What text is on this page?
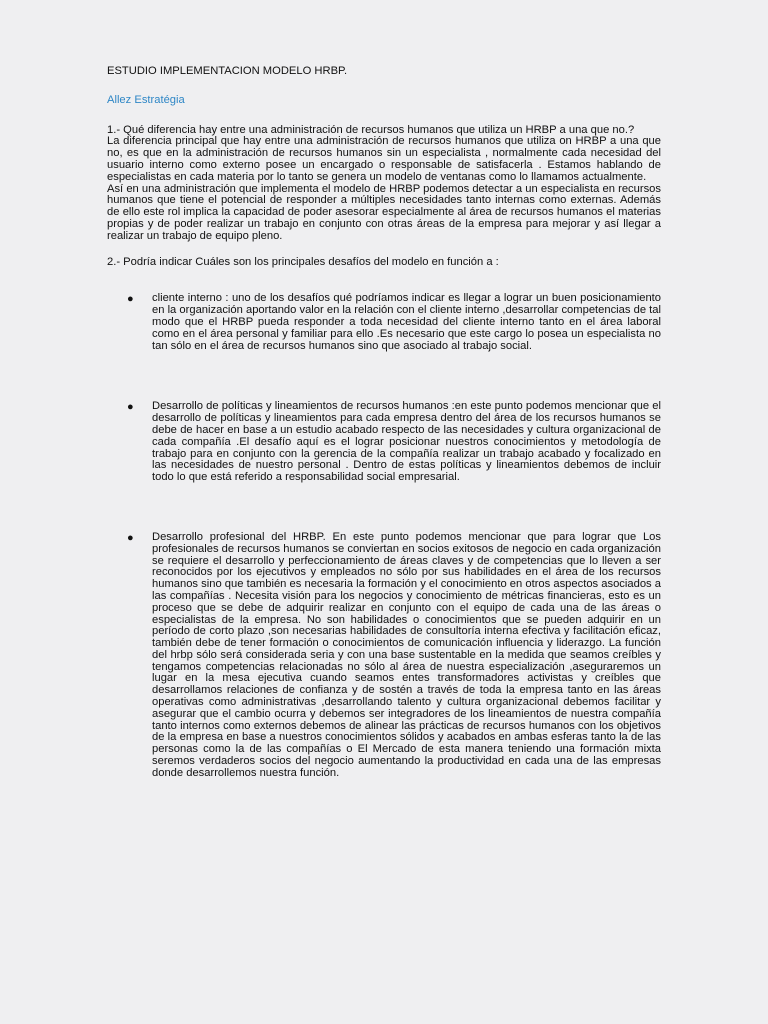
ESTUDIO IMPLEMENTACION MODELO HRBP.

Allez Estratégia

1.- Qué diferencia hay entre una administración de recursos humanos que utiliza un HRBP a una que no.?

La diferencia principal que hay entre una administración de recursos humanos que utiliza on HRBP a una que no, es que en la administración de recursos humanos sin un especialista , normalmente cada necesidad del usuario interno como externo posee un encargado o responsable de satisfacerla . Estamos hablando de especialistas en cada materia por lo tanto se genera un modelo de ventanas como lo llamamos actualmente.

Así en una administración que implementa el modelo de HRBP podemos detectar a un especialista en recursos humanos que tiene el potencial de responder a múltiples necesidades tanto internas como externas. Además de ello este rol implica la capacidad de poder asesorar especialmente al área de recursos humanos el materias propias y de poder realizar un trabajo en conjunto con otras áreas de la empresa para mejorar y así llegar a realizar un trabajo de equipo pleno.

2.- Podría indicar Cuáles son los principales desafíos del modelo en función a :

● cliente interno : uno de los desafíos qué podríamos indicar es llegar a lograr un buen posicionamiento en la organización aportando valor en la relación con el cliente interno ,desarrollar competencias de tal modo que el HRBP pueda responder a toda necesidad del cliente interno tanto en el área laboral como en el área personal y familiar para ello .Es necesario que este cargo lo posea un especialista no tan sólo en el área de recursos humanos sino que asociado al trabajo social.
● Desarrollo de políticas y lineamientos de recursos humanos :en este punto podemos mencionar que el desarrollo de políticas y lineamientos para cada empresa dentro del área de los recursos humanos se debe de hacer en base a un estudio acabado respecto de las necesidades y cultura organizacional de cada compañía .El desafío aquí es el lograr posicionar nuestros conocimientos y metodología de trabajo para en conjunto con la gerencia de la compañía realizar un trabajo acabado y focalizado en las necesidades de nuestro personal . Dentro de estas políticas y lineamientos debemos de incluir todo lo que está referido a responsabilidad social empresarial.
● Desarrollo profesional del HRBP. En este punto podemos mencionar que para lograr que Los profesionales de recursos humanos se conviertan en socios exitosos de negocio en cada organización se requiere el desarrollo y perfeccionamiento de áreas claves y de competencias que lo lleven a ser reconocidos por los ejecutivos y empleados no sólo por sus habilidades en el área de los recursos humanos sino que también es necesaria la formación y el conocimiento en otros aspectos asociados a las compañías . Necesita visión para los negocios y conocimiento de métricas financieras, esto es un proceso que se debe de adquirir realizar en conjunto con el equipo de cada una de las áreas o especialistas de la empresa. No son habilidades o conocimientos que se pueden adquirir en un período de corto plazo ,son necesarias habilidades de consultoría interna efectiva y facilitación eficaz, también debe de tener formación o conocimientos de comunicación influencia y liderazgo. La función del hrbp sólo será considerada seria y con una base sustentable en la medida que seamos creíbles y tengamos competencias relacionadas no sólo al área de nuestra especialización ,aseguraremos un lugar en la mesa ejecutiva cuando seamos entes transformadores activistas y creíbles que desarrollamos relaciones de confianza y de sostén a través de toda la empresa tanto en las áreas operativas como administrativas ,desarrollando talento y cultura organizacional debemos facilitar y asegurar que el cambio ocurra y debemos ser integradores de los lineamientos de nuestra compañía tanto internos como externos debemos de alinear las prácticas de recursos humanos con los objetivos de la empresa en base a nuestros conocimientos sólidos y acabados en ambas esferas tanto la de las personas como la de las compañías o El Mercado de esta manera teniendo una formación mixta seremos verdaderos socios del negocio aumentando la productividad en cada una de las empresas donde desarrollemos nuestra función.
